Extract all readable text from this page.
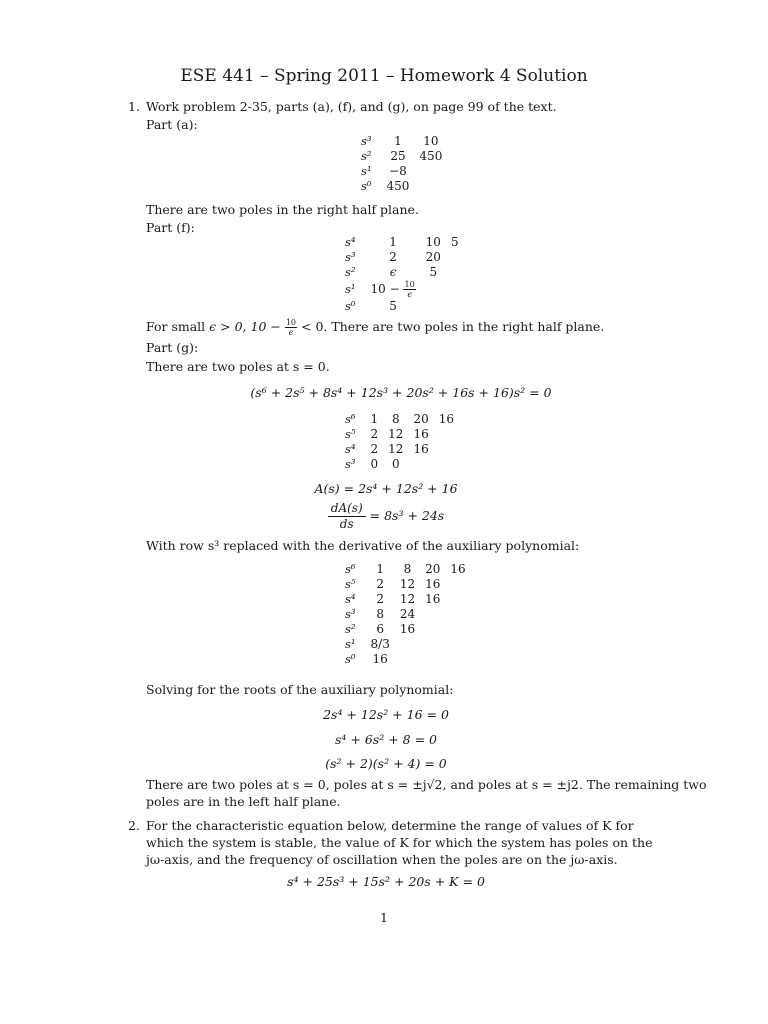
ESE 441 – Spring 2011 – Homework 4 Solution
1. Work problem 2-35, parts (a), (f), and (g), on page 99 of the text.
Part (a):
s³	1	10
s²	25	450
s¹	−8	
s⁰	450	
There are two poles in the right half plane.
Part (f):
s⁴	1	10	5
s³	2	20	
s²	ϵ	5	
s¹	$10 - \frac{10}{\epsilon}$

s⁰	5		
For small ϵ > 0, $10 - \frac{10}{\epsilon} < 0$. There are two poles in the right half plane.
Part (g):
There are two poles at s = 0.
(s⁶ + 2s⁵ + 8s⁴ + 12s³ + 20s² + 16s + 16)s² = 0
s⁶	1	8	20	16
s⁵	2	12	16	
s⁴	2	12	16	
s³	0	0		
A(s) = 2s⁴ + 12s² + 16
$\frac{dA(s)}{ds} = 8s^3 + 24s$
With row s³ replaced with the derivative of the auxiliary polynomial:
s⁶	1	8	20	16
s⁵	2	12	16	
s⁴	2	12	16	
s³	8	24		
s²	6	16		
s¹	8/3			
s⁰	16			
Solving for the roots of the auxiliary polynomial:
2s⁴ + 12s² + 16 = 0
s⁴ + 6s² + 8 = 0
(s² + 2)(s² + 4) = 0
There are two poles at s = 0, poles at s = ±j√2, and poles at s = ±j2. The remaining two
poles are in the left half plane.
2. For the characteristic equation below, determine the range of values of K for which the system is stable, the value of K for which the system has poles on the jω-axis, and the frequency of oscillation when the poles are on the jω-axis.
s⁴ + 25s³ + 15s² + 20s + K = 0
1
